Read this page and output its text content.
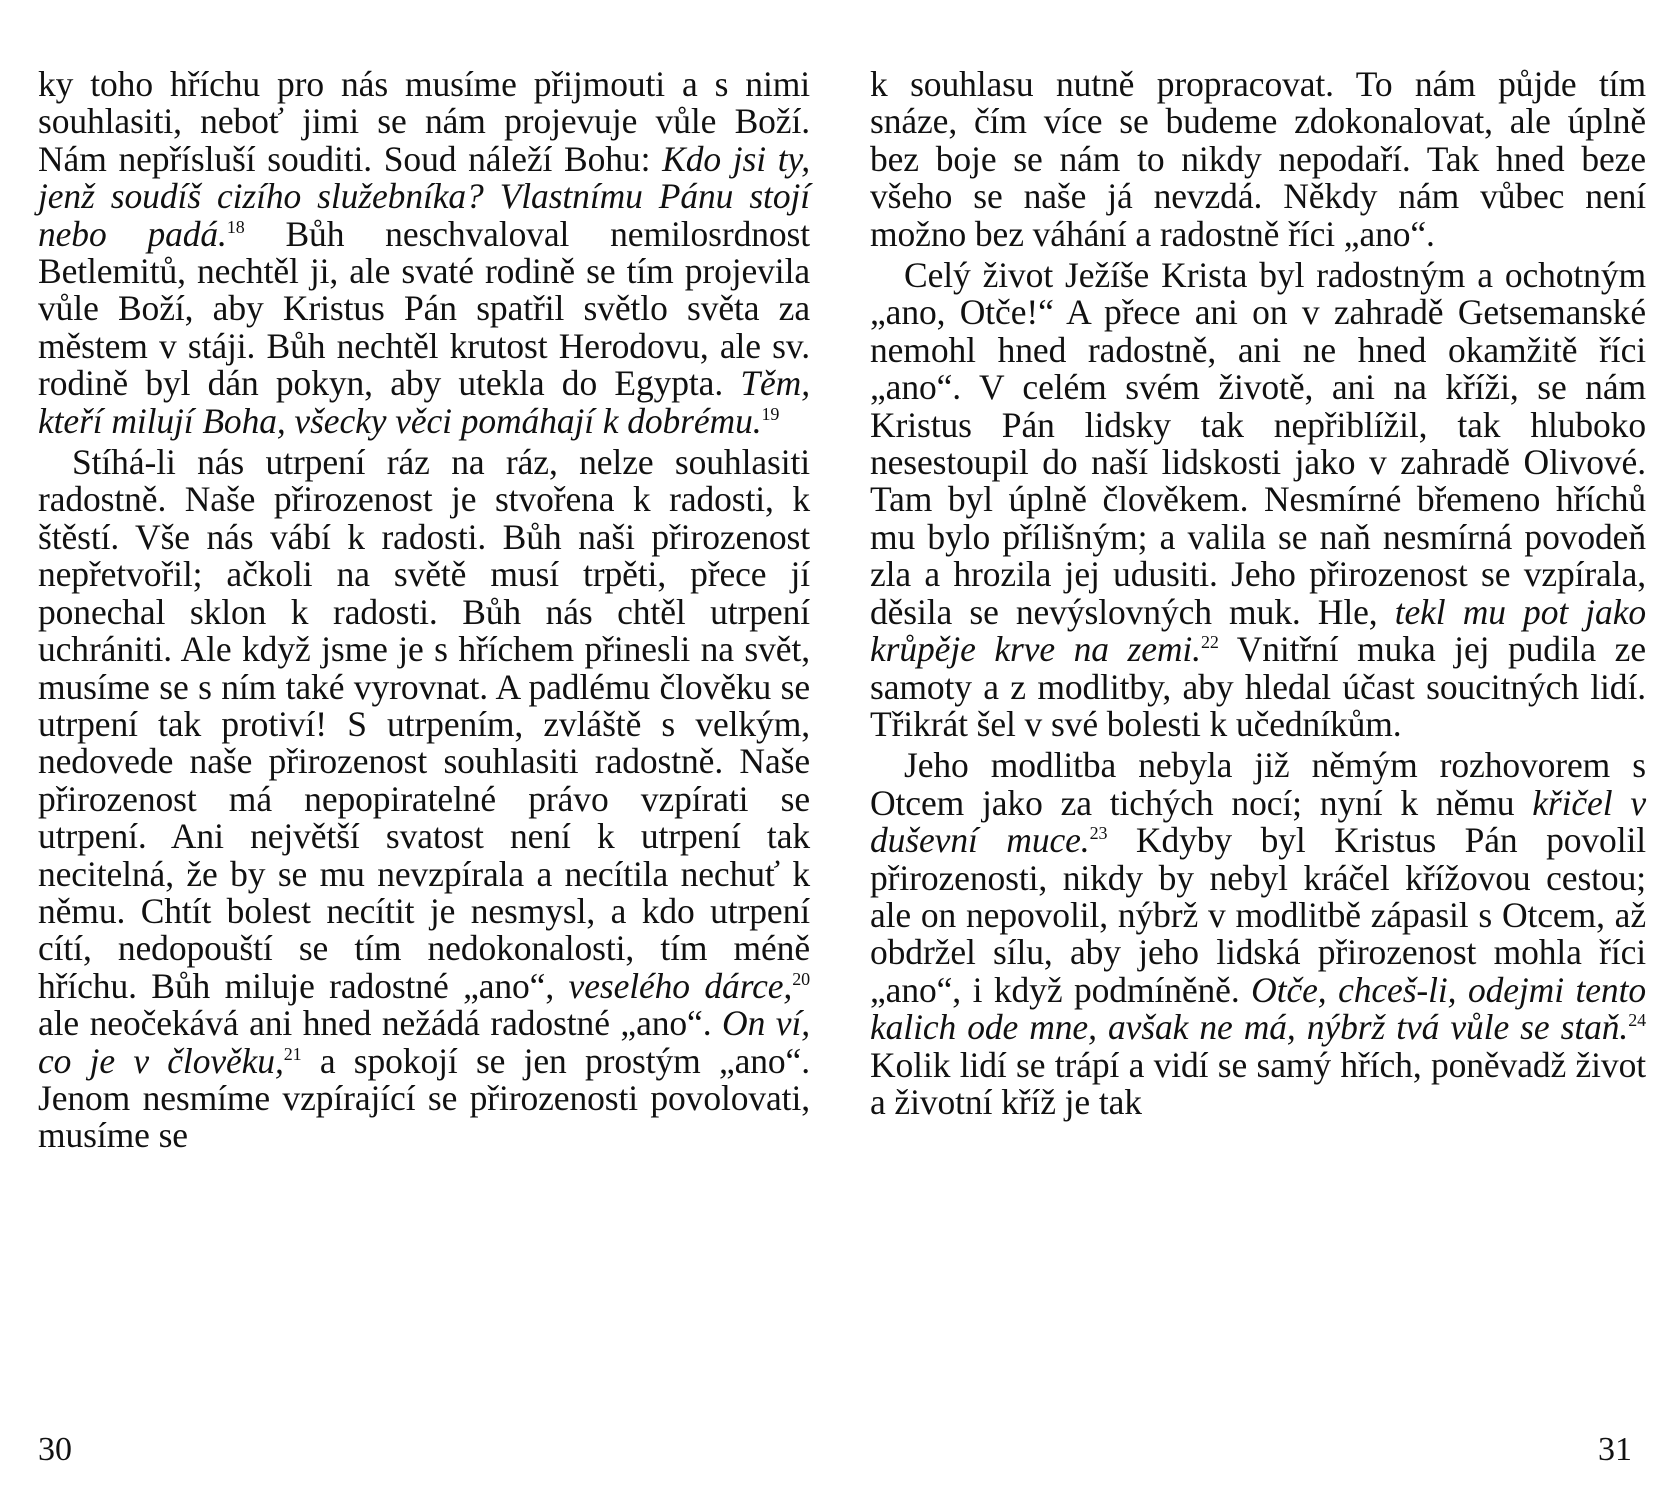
ky toho hříchu pro nás musíme přijmouti a s nimi souhlasiti, neboť jimi se nám projevuje vůle Boží. Nám nepřísluší souditi. Soud náleží Bohu: Kdo jsi ty, jenž soudíš cizího služebníka? Vlastnímu Pánu stojí nebo padá.$^{18}$ Bůh neschvaloval nemilosrdnost Betlemitů, nechtěl ji, ale svaté rodině se tím projevila vůle Boží, aby Kristus Pán spatřil světlo světa za městem v stáji. Bůh nechtěl krutost Herodovu, ale sv. rodině byl dán pokyn, aby utekla do Egypta. Těm, kteří milují Boha, všecky věci pomáhají k dobrému.$^{19}$

Stíhá-li nás utrpení ráz na ráz, nelze souhlasiti radostně. Naše přirozenost je stvořena k radosti, k štěstí. Vše nás vábí k radosti. Bůh naši přirozenost nepřetvořil; ačkoli na světě musí trpěti, přece jí ponechal sklon k radosti. Bůh nás chtěl utrpení uchrániti. Ale když jsme je s hříchem přinesli na svět, musíme se s ním také vyrovnat. A padlému člověku se utrpení tak protiví! S utrpením, zvláště s velkým, nedovede naše přirozenost souhlasiti radostně. Naše přirozenost má nepopiratelné právo vzpírati se utrpení. Ani největší svatost není k utrpení tak necitelná, že by se mu nevzpírala a necítila nechuť k němu. Chtít bolest necítit je nesmysl, a kdo utrpení cítí, nedopouští se tím nedokonalosti, tím méně hříchu. Bůh miluje radostné „ano“, veselého dárce,$^{20}$ ale neočekává ani hned nežádá radostné „ano“. On ví, co je v člověku,$^{21}$ a spokojí se jen prostým „ano“. Jenom nesmíme vzpírající se přirozenosti povolovati, musíme se

30

k souhlasu nutně propracovat. To nám půjde tím snáze, čím více se budeme zdokonalovat, ale úplně bez boje se nám to nikdy nepodaří. Tak hned beze všeho se naše já nevzdá. Někdy nám vůbec není možno bez váhání a radostně říci „ano“.

Celý život Ježíše Krista byl radostným a ochotným „ano, Otče!“ A přece ani on v zahradě Getsemanské nemohl hned radostně, ani ne hned okamžitě říci „ano“. V celém svém životě, ani na kříži, se nám Kristus Pán lidsky tak nepřiblížil, tak hluboko nesestoupil do naší lidskosti jako v zahradě Olivové. Tam byl úplně člověkem. Nesmírné břemeno hříchů mu bylo přílišným; a valila se naň nesmírná povodeň zla a hrozila jej udusiti. Jeho přirozenost se vzpírala, děsila se nevýslovných muk. Hle, tekl mu pot jako krůpěje krve na zemi.$^{22}$ Vnitřní muka jej pudila ze samoty a z modlitby, aby hledal účast soucitných lidí. Třikrát šel v své bolesti k učedníkům.

Jeho modlitba nebyla již němým rozhovorem s Otcem jako za tichých nocí; nyní k němu křičel v duševní muce.$^{23}$ Kdyby byl Kristus Pán povolil přirozenosti, nikdy by nebyl kráčel křížovou cestou; ale on nepovolil, nýbrž v modlitbě zápasil s Otcem, až obdržel sílu, aby jeho lidská přirozenost mohla říci „ano“, i když podmíněně. Otče, chceš-li, odejmi tento kalich ode mne, avšak ne má, nýbrž tvá vůle se staň.$^{24}$ Kolik lidí se trápí a vidí se samý hřích, poněvadž život a životní kříž je tak

31
